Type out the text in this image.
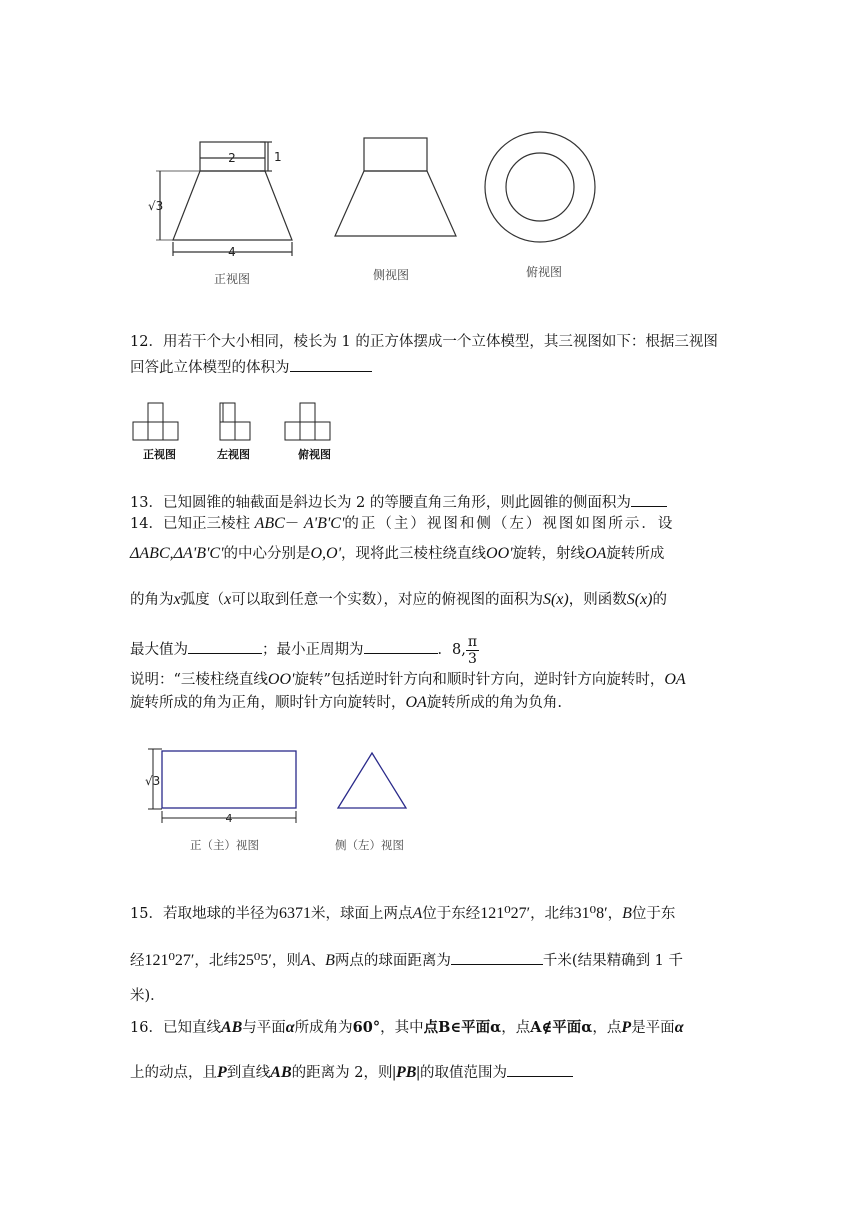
2	1
√3
4
正视图	侧视图	俯视图
12．用若干个大小相同，棱长为 1 的正方体摆成一个立体模型，其三视图如下：根据三视图
回答此立体模型的体积为
正视图	左视图	俯视图
13．已知圆锥的轴截面是斜边长为 2 的等腰直角三角形，则此圆锥的侧面积为
14．已知正三棱柱 ABC－ A'B'C'的正（主）视图和侧（左）视图如图所示．设
ΔABC,ΔA'B'C'的中心分别是O,O'，现将此三棱柱绕直线OO'旋转，射线OA旋转所成
的角为x弧度（x可以取到任意一个实数），对应的俯视图的面积为S(x)，则函数S(x)的
最大值为	；最小正周期为	．8, $\frac{\pi}{3}$
说明：“三棱柱绕直线OO'旋转”包括逆时针方向和顺时针方向，逆时针方向旋转时，OA
旋转所成的角为正角，顺时针方向旋转时，OA旋转所成的角为负角.
√3
4
正（主）视图	侧（左）视图
15．若取地球的半径为6371米，球面上两点A位于东经121⁰27′，北纬31⁰8′，B位于东
经121⁰27′，北纬25⁰5′，则A、B两点的球面距离为	千米(结果精确到 1 千
米)．
16．已知直线AB与平面α所成角为60°，其中点B∈平面α，点A∉平面α，点P是平面α
上的动点，且P到直线AB的距离为 2，则|PB|的取值范围为
